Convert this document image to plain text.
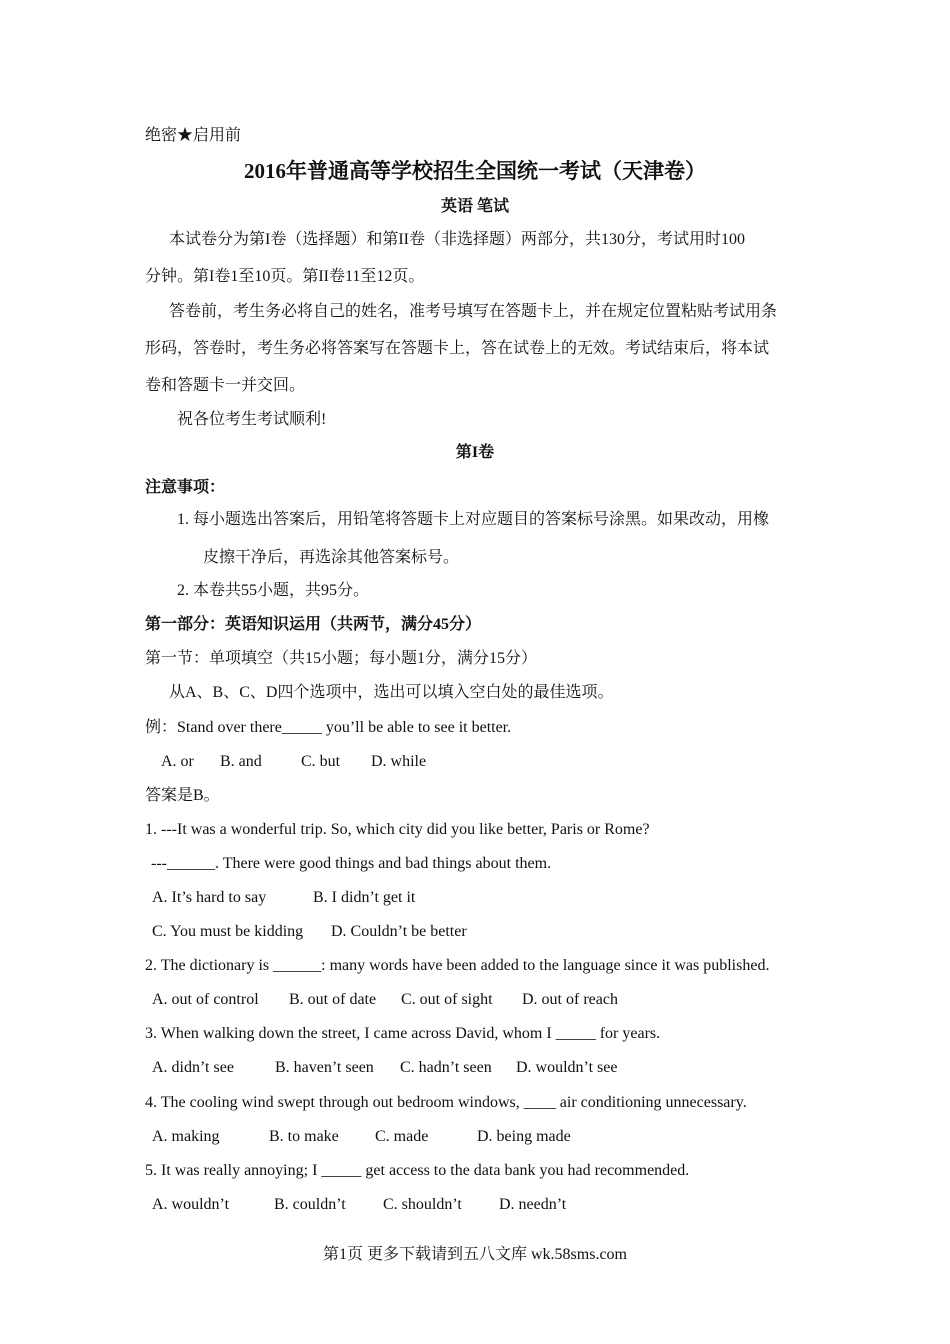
绝密★启用前
2016年普通高等学校招生全国统一考试（天津卷）
英语 笔试
本试卷分为第I卷（选择题）和第II卷（非选择题）两部分，共130分，考试用时100
分钟。第I卷1至10页。第II卷11至12页。
答卷前，考生务必将自己的姓名，准考号填写在答题卡上，并在规定位置粘贴考试用条
形码，答卷时，考生务必将答案写在答题卡上，答在试卷上的无效。考试结束后，将本试
卷和答题卡一并交回。
祝各位考生考试顺利!
第I卷
注意事项：
1. 每小题选出答案后，用铅笔将答题卡上对应题目的答案标号涂黑。如果改动，用橡
皮擦干净后，再选涂其他答案标号。
2. 本卷共55小题，共95分。
第一部分：英语知识运用（共两节，满分45分）
第一节：单项填空（共15小题；每小题1分，满分15分）
从A、B、C、D四个选项中，选出可以填入空白处的最佳选项。
例：Stand over there_____ you’ll be able to see it better.
A. or B. and C. but D. while
答案是B。
1. ---It was a wonderful trip. So, which city did you like better, Paris or Rome?
---______. There were good things and bad things about them.
A. It’s hard to say	B. I didn’t get it
C. You must be kidding D. Couldn’t be better
2. The dictionary is ______: many words have been added to the language since it was published.
A. out of control B. out of date C. out of sight D. out of reach
3. When walking down the street, I came across David, whom I _____ for years.
A. didn’t see	B. haven’t seen C. hadn’t seen D. wouldn’t see
4. The cooling wind swept through out bedroom windows, ____ air conditioning unnecessary.
A. making	B. to make C. made	D. being made
5. It was really annoying; I _____ get access to the data bank you had recommended.
A. wouldn’t	B. couldn’t C. shouldn’t D. needn’t
第1页 更多下载请到五八文库 wk.58sms.com
